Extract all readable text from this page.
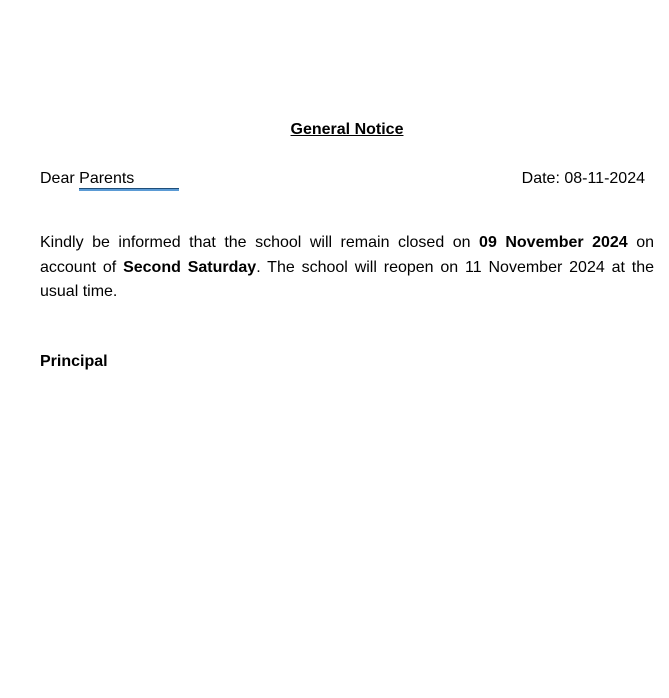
General Notice
Dear Parents	Date: 08-11-2024
Kindly be informed that the school will remain closed on 09 November 2024 on account of Second Saturday. The school will reopen on 11 November 2024 at the usual time.
Principal
